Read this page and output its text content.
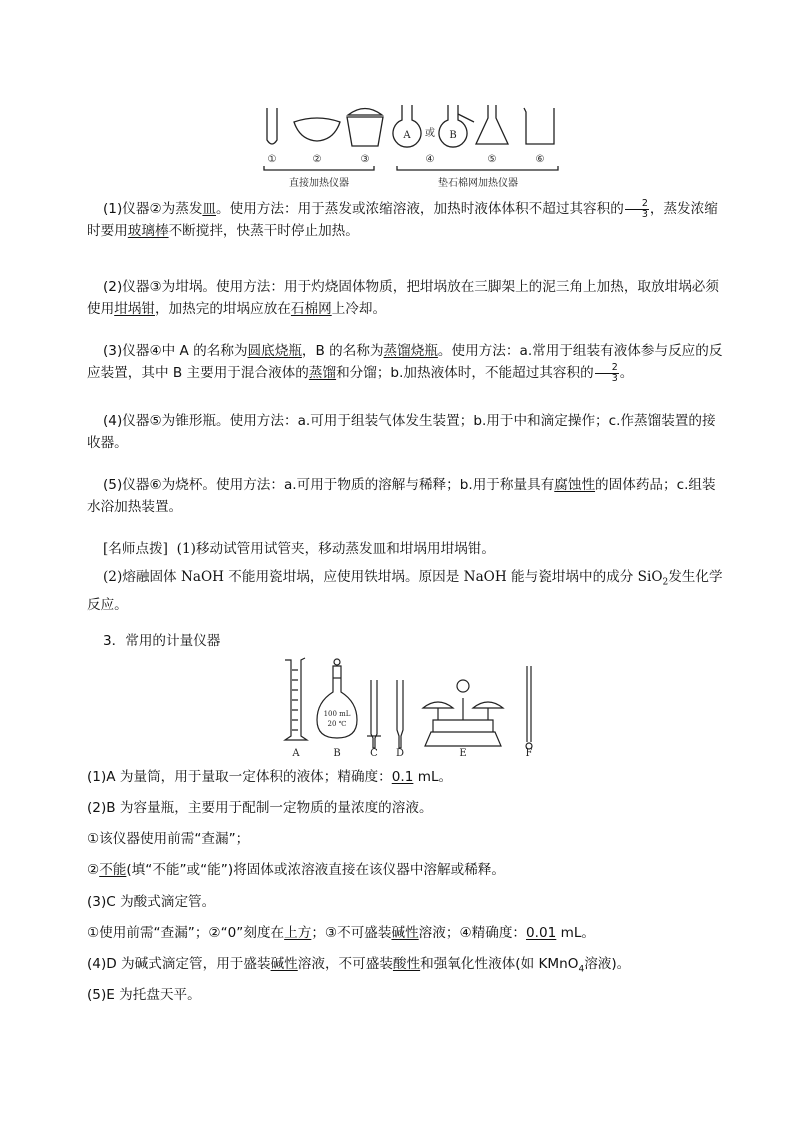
A	B
或
①	②	③	④	⑤	⑥
直接加热仪器	垫石棉网加热仪器
(1)仪器②为蒸发皿。使用方法：用于蒸发或浓缩溶液，加热时液体体积不超过其容积的 $\frac{2}{3}$ ，蒸发浓缩时要用玻璃棒不断搅拌，快蒸干时停止加热。
(2)仪器③为坩埚。使用方法：用于灼烧固体物质，把坩埚放在三脚架上的泥三角上加热，取放坩埚必须使用坩埚钳，加热完的坩埚应放在石棉网上冷却。
(3)仪器④中 A 的名称为圆底烧瓶，B 的名称为蒸馏烧瓶。使用方法：a.常用于组装有液体参与反应的反应装置，其中 B 主要用于混合液体的蒸馏和分馏；b.加热液体时，不能超过其容积的 $\frac{2}{3}$ 。
(4)仪器⑤为锥形瓶。使用方法：a.可用于组装气体发生装置；b.用于中和滴定操作；c.作蒸馏装置的接收器。
(5)仪器⑥为烧杯。使用方法：a.可用于物质的溶解与稀释；b.用于称量具有腐蚀性的固体药品；c.组装水浴加热装置。
[名师点拨] (1)移动试管用试管夹，移动蒸发皿和坩埚用坩埚钳。
(2)熔融固体 NaOH 不能用瓷坩埚，应使用铁坩埚。原因是 NaOH 能与瓷坩埚中的成分 SiO$_2$发生化学反应。
3．常用的计量仪器
100 mL
20 ℃
A	B	C D	E	F
(1)A 为量筒，用于量取一定体积的液体；精确度：0.1 mL。
(2)B 为容量瓶，主要用于配制一定物质的量浓度的溶液。
①该仪器使用前需“查漏”；
②不能(填“不能”或“能”)将固体或浓溶液直接在该仪器中溶解或稀释。
(3)C 为酸式滴定管。
①使用前需“查漏”；②“0”刻度在上方；③不可盛装碱性溶液；④精确度：0.01 mL。
(4)D 为碱式滴定管，用于盛装碱性溶液，不可盛装酸性和强氧化性液体(如 KMnO$_4$溶液)。
(5)E 为托盘天平。
